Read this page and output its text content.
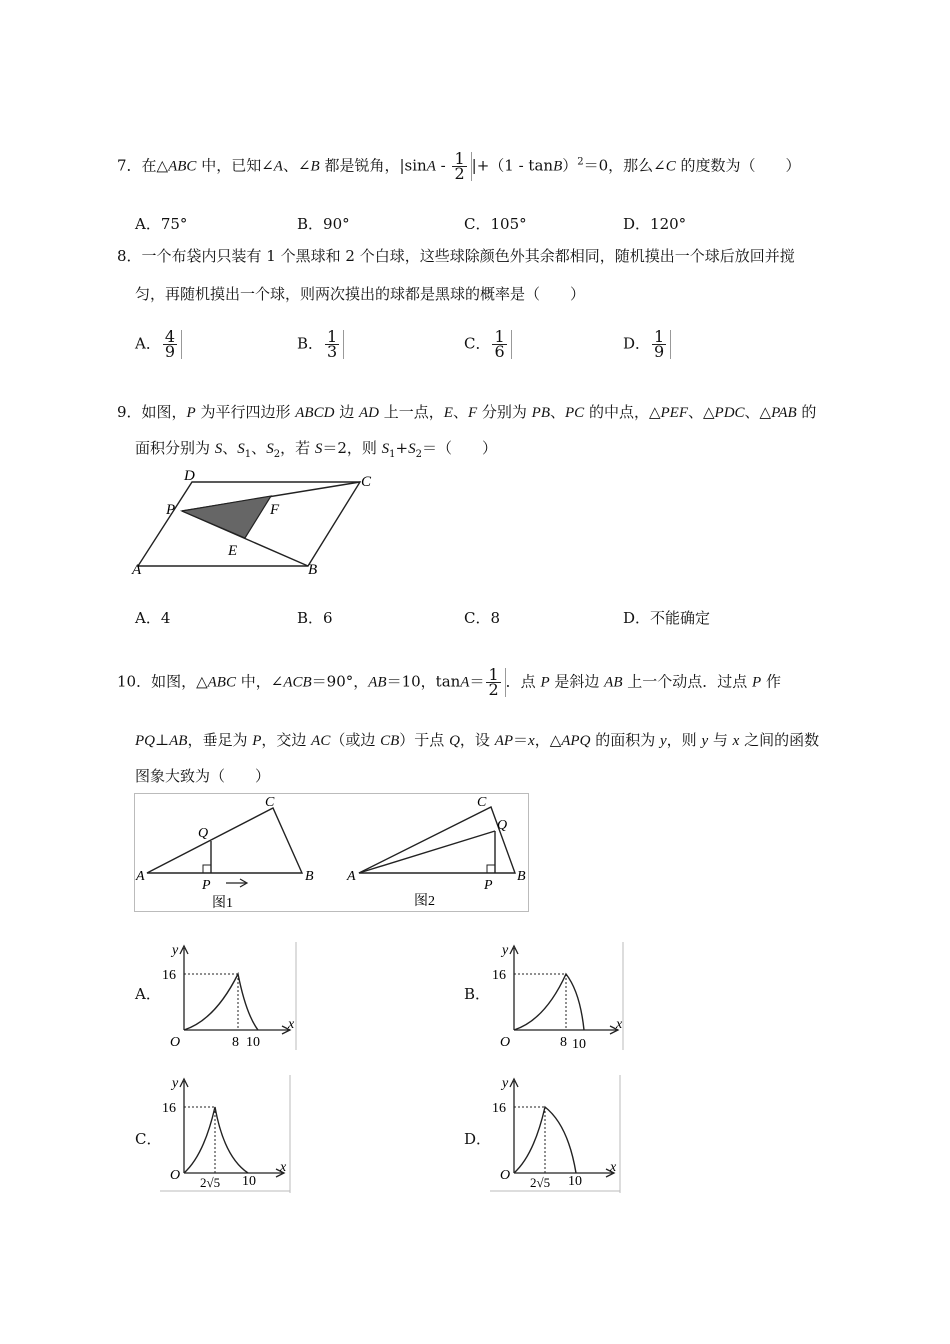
7．在△ABC 中，已知∠A、∠B 都是锐角，$|\sin A - \frac{1}{2} |+(1 - \tan B)^2=0$，那么∠C 的度数为（　　）
A．75°	B．90°	C．105°	D．120°
8．一个布袋内只装有 1 个黑球和 2 个白球，这些球除颜色外其余都相同，随机摸出一个球后放回并搅
匀，再随机摸出一个球，则两次摸出的球都是黑球的概率是（　　）
A． $\frac{4}{9}$	B． $\frac{1}{3}$	C． $\frac{1}{6}$	D． $\frac{1}{9}$
9．如图，P 为平行四边形 ABCD 边 AD 上一点，E、F 分别为 PB、PC 的中点，△PEF、△PDC、△PAB 的
面积分别为 S、$S_1$、$S_2$，若 S＝2，则 $S_1+S_2=$（　　）
D	C
P	F
E
A	B
A．4	B．6	C．8	D．不能确定
10．如图，△ABC 中，∠ACB＝90°，AB＝10，$\tan A= \frac{1}{2}$ ．点 P 是斜边 AB 上一个动点．过点 P 作
PQ⊥AB，垂足为 P，交边 AC（或边 CB）于点 Q，设 AP＝x，△APQ 的面积为 y，则 y 与 x 之间的函数
图象大致为（　　）
A	B
C
Q
P
图1
A	B
C
Q
P
图2
A．
y
x
O
16
8 10
B．
y
x
O
16
8 10
C．
y
x
O
16
2√5 10
D．
y
x
O
16
2√5 10
